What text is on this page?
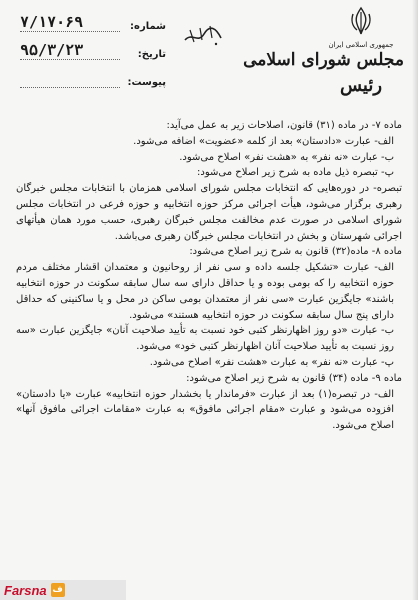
شماره:
۷/۱۷۰۶۹
تاریخ:
۹۵/۳/۲۳
پیوست:
جمهوری اسلامی ایران
مجلس شورای اسلامی
رئیس

ماده ۷- در ماده (۳۱) قانون، اصلاحات زیر به عمل می‌آید:

الف- عبارت «دادستان» بعد از کلمه «عضویت» اضافه می‌شود.

ب- عبارت «نه نفر» به «هشت نفر» اصلاح می‌شود.

پ- تبصره ذیل ماده به شرح زیر اصلاح می‌شود:

تبصره- در دوره‌هایی که انتخابات مجلس شورای اسلامی همزمان با انتخابات مجلس خبرگان رهبری برگزار می‌شود، هیأت اجرائی مرکز حوزه انتخابیه و حوزه فرعی در انتخابات مجلس شورای اسلامی در صورت عدم مخالفت مجلس خبرگان رهبری، حسب مورد همان هیأتهای اجرائی شهرستان و بخش در انتخابات مجلس خبرگان رهبری می‌باشد.

ماده ۸- ماده(۳۲) قانون به شرح زیر اصلاح می‌شود:

الف- عبارت «تشکیل جلسه داده و سی نفر از روحانیون و معتمدان اقشار مختلف مردم حوزه انتخابیه را که بومی بوده و یا حداقل دارای سه سال سابقه سکونت در حوزه انتخابیه باشند» جایگزین عبارت «سی نفر از معتمدان بومی ساکن در محل و یا ساکنینی که حداقل دارای پنج سال سابقه سکونت در حوزه انتخابیه هستند» می‌شود.

ب- عبارت «دو روز اظهارنظر کتبی خود نسبت به تأیید صلاحیت آنان» جایگزین عبارت «سه روز نسبت به تأیید صلاحیت آنان اظهارنظر کتبی خود» می‌شود.

پ- عبارت «نه نفر» به عبارت «هشت نفر» اصلاح می‌شود.

ماده ۹- ماده (۳۴) قانون به شرح زیر اصلاح می‌شود:

الف- در تبصره(۱) بعد از عبارت «فرماندار یا بخشدار حوزه انتخابیه» عبارت «یا دادستان» افزوده می‌شود و عبارت «مقام اجرائی مافوق» به عبارت «مقامات اجرائی مافوق آنها» اصلاح می‌شود.

Farsna ف
